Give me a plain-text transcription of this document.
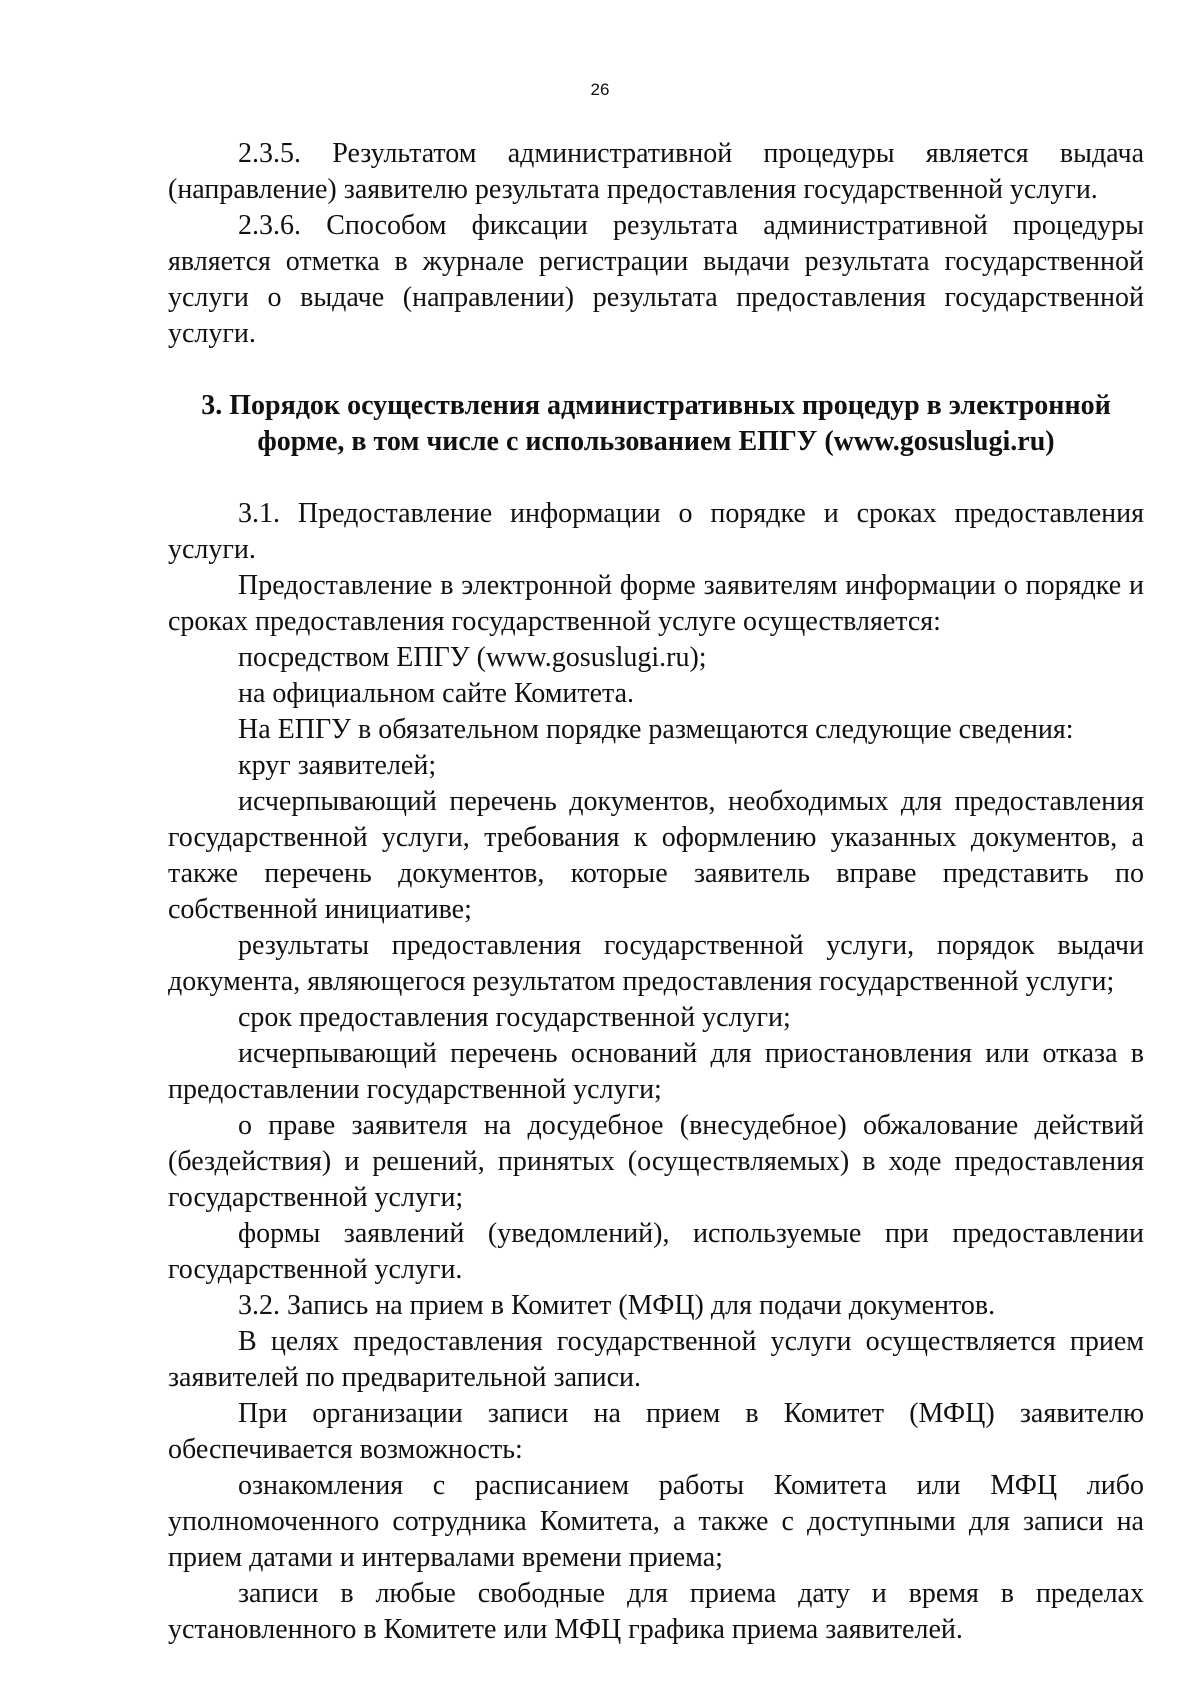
26

2.3.5. Результатом административной процедуры является выдача (направление) заявителю результата предоставления государственной услуги.

2.3.6. Способом фиксации результата административной процедуры является отметка в журнале регистрации выдачи результата государственной услуги о выдаче (направлении) результата предоставления государственной услуги.

3. Порядок осуществления административных процедур в электронной форме, в том числе с использованием ЕПГУ (www.gosuslugi.ru)

3.1. Предоставление информации о порядке и сроках предоставления услуги.

Предоставление в электронной форме заявителям информации о порядке и сроках предоставления государственной услуге осуществляется:

посредством ЕПГУ (www.gosuslugi.ru);

на официальном сайте Комитета.

На ЕПГУ в обязательном порядке размещаются следующие сведения:

круг заявителей;

исчерпывающий перечень документов, необходимых для предоставления государственной услуги, требования к оформлению указанных документов, а также перечень документов, которые заявитель вправе представить по собственной инициативе;

результаты предоставления государственной услуги, порядок выдачи документа, являющегося результатом предоставления государственной услуги;

срок предоставления государственной услуги;

исчерпывающий перечень оснований для приостановления или отказа в предоставлении государственной услуги;

о праве заявителя на досудебное (внесудебное) обжалование действий (бездействия) и решений, принятых (осуществляемых) в ходе предоставления государственной услуги;

формы заявлений (уведомлений), используемые при предоставлении государственной услуги.

3.2. Запись на прием в Комитет (МФЦ) для подачи документов.

В целях предоставления государственной услуги осуществляется прием заявителей по предварительной записи.

При организации записи на прием в Комитет (МФЦ) заявителю обеспечивается возможность:

ознакомления с расписанием работы Комитета или МФЦ либо уполномоченного сотрудника Комитета, а также с доступными для записи на прием датами и интервалами времени приема;

записи в любые свободные для приема дату и время в пределах установленного в Комитете или МФЦ графика приема заявителей.
